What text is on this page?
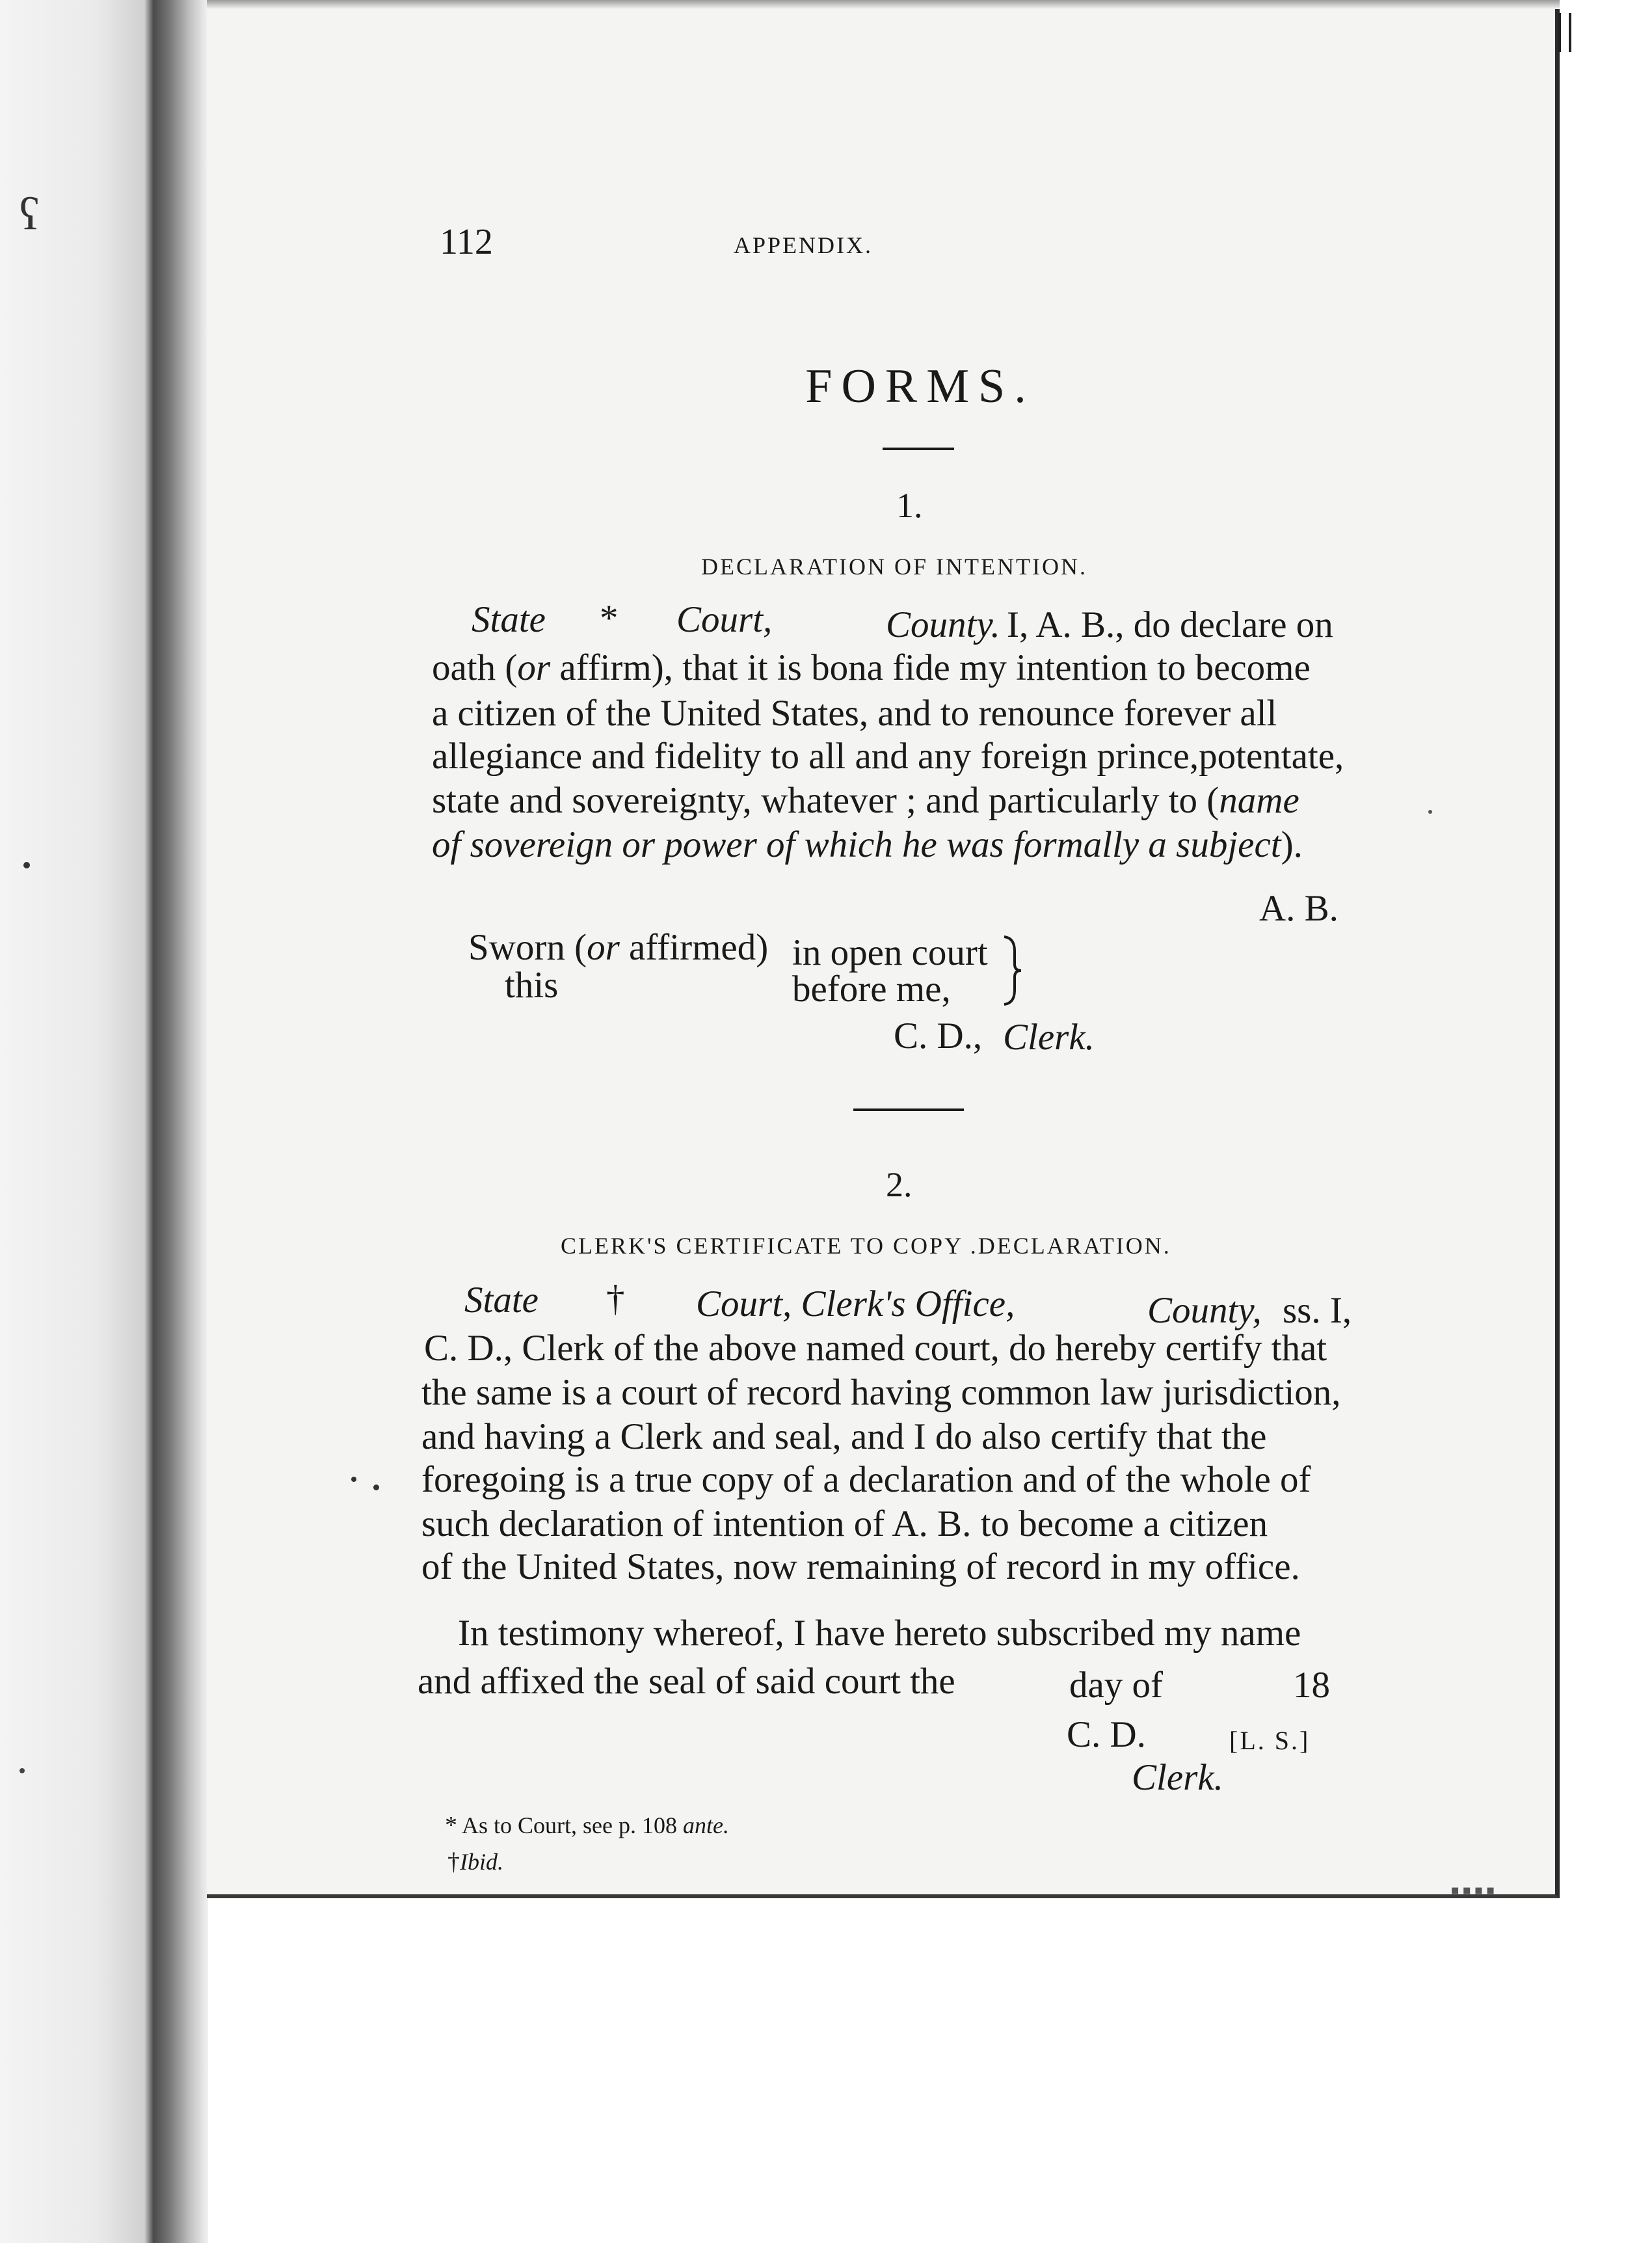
ʕ
▪▪▪▪
112	APPENDIX.
FORMS.
1.
DECLARATION OF INTENTION.
State * Court,	County. I, A. B., do declare on
oath (or affirm), that it is bona fide my intention to become
a citizen of the United States, and to renounce forever all
allegiance and fidelity to all and any foreign prince,potentate,
state and sovereignty, whatever ; and particularly to (name
of sovereign or power of which he was formally a subject).
A. B.
Sworn (or affirmed) in open court
this	before me,
C. D., Clerk.
2.
CLERK'S CERTIFICATE TO COPY .DECLARATION.
State † Court, Clerk's Office,	County, ss. I,
C. D., Clerk of the above named court, do hereby certify that
the same is a court of record having common law jurisdiction,
and having a Clerk and seal, and I do also certify that the
foregoing is a true copy of a declaration and of the whole of
such declaration of intention of A. B. to become a citizen
of the United States, now remaining of record in my office.
In testimony whereof, I have hereto subscribed my name
and affixed the seal of said court the	day of	18
C. D.	[L. S.]
Clerk.
* As to Court, see p. 108 ante.
†Ibid.
